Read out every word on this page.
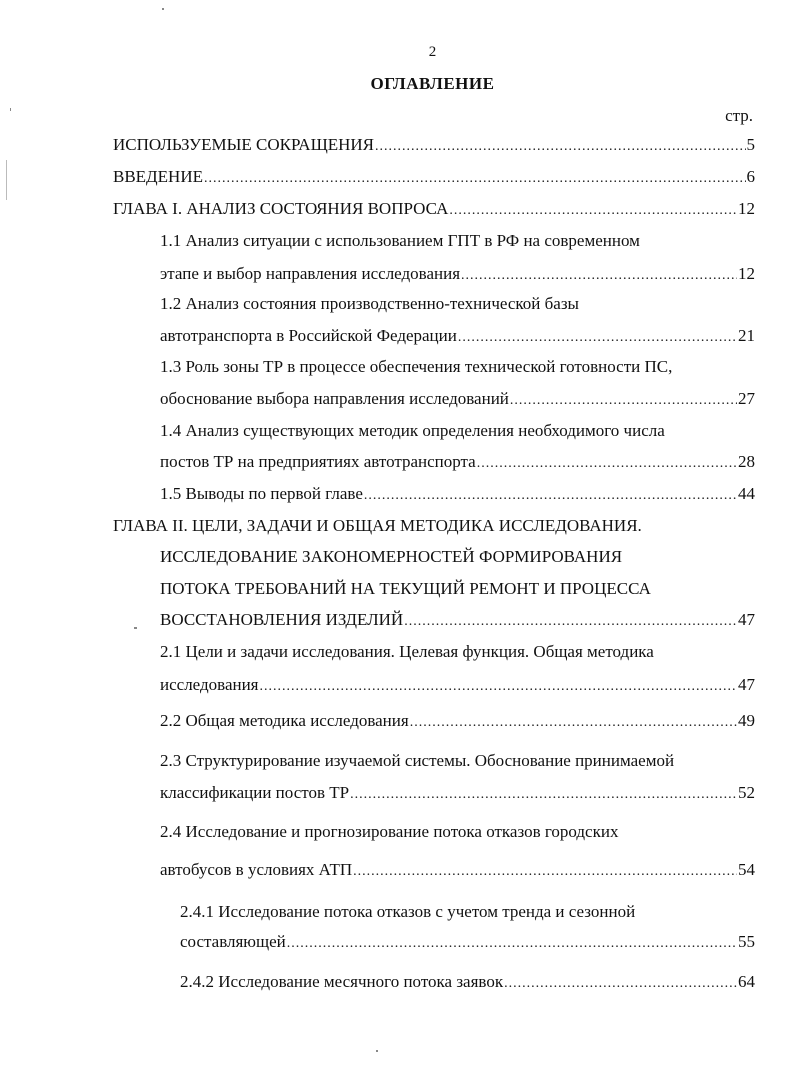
2
ОГЛАВЛЕНИЕ
стр.
ИСПОЛЬЗУЕМЫЕ СОКРАЩЕНИЯ .....	5
ВВЕДЕНИЕ .....	6
ГЛАВА I. АНАЛИЗ СОСТОЯНИЯ ВОПРОСА .....	12
1.1 Анализ ситуации с использованием ГПТ в РФ на современном
этапе и выбор направления исследования .....	12
1.2 Анализ состояния производственно-технической базы
автотранспорта в Российской Федерации .....	21
1.3 Роль зоны ТР в процессе обеспечения технической готовности ПС,
обоснование выбора направления исследований .....	27
1.4 Анализ существующих методик определения необходимого числа
постов ТР на предприятиях автотранспорта .....	28
1.5 Выводы по первой главе .....	44
ГЛАВА II. ЦЕЛИ, ЗАДАЧИ И ОБЩАЯ МЕТОДИКА ИССЛЕДОВАНИЯ.
ИССЛЕДОВАНИЕ ЗАКОНОМЕРНОСТЕЙ ФОРМИРОВАНИЯ
ПОТОКА ТРЕБОВАНИЙ НА ТЕКУЩИЙ РЕМОНТ И ПРОЦЕССА
ВОССТАНОВЛЕНИЯ ИЗДЕЛИЙ .....	47
2.1 Цели и задачи исследования. Целевая функция. Общая методика
исследования .....	47
2.2 Общая методика исследования .....	49
2.3 Структурирование изучаемой системы. Обоснование принимаемой
классификации постов ТР .....	52
2.4 Исследование и прогнозирование потока отказов городских
автобусов в условиях АТП .....	54
2.4.1 Исследование потока отказов с учетом тренда и сезонной
составляющей .....	55
2.4.2 Исследование месячного потока заявок .....	64
